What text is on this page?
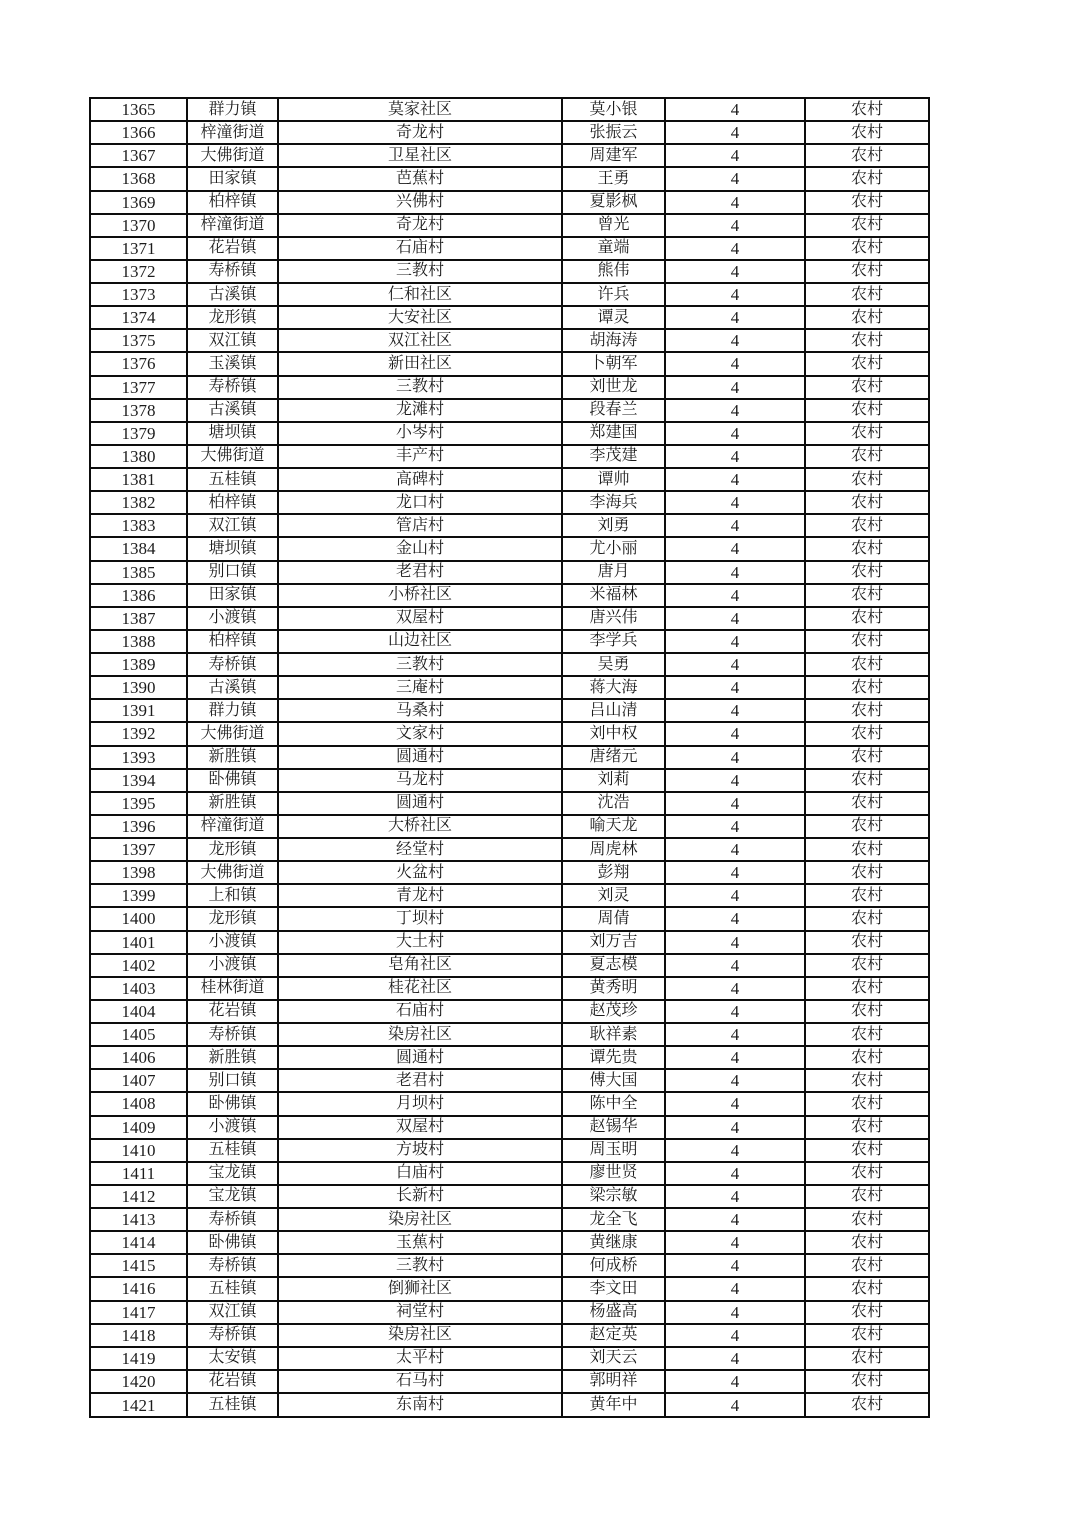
1365	群力镇	莫家社区	莫小银	4	农村
1366	梓潼街道	奇龙村	张振云	4	农村
1367	大佛街道	卫星社区	周建军	4	农村
1368	田家镇	芭蕉村	王勇	4	农村
1369	柏梓镇	兴佛村	夏影枫	4	农村
1370	梓潼街道	奇龙村	曾光	4	农村
1371	花岩镇	石庙村	童端	4	农村
1372	寿桥镇	三教村	熊伟	4	农村
1373	古溪镇	仁和社区	许兵	4	农村
1374	龙形镇	大安社区	谭灵	4	农村
1375	双江镇	双江社区	胡海涛	4	农村
1376	玉溪镇	新田社区	卜朝军	4	农村
1377	寿桥镇	三教村	刘世龙	4	农村
1378	古溪镇	龙滩村	段春兰	4	农村
1379	塘坝镇	小岑村	郑建国	4	农村
1380	大佛街道	丰产村	李茂建	4	农村
1381	五桂镇	高碑村	谭帅	4	农村
1382	柏梓镇	龙口村	李海兵	4	农村
1383	双江镇	管店村	刘勇	4	农村
1384	塘坝镇	金山村	尤小丽	4	农村
1385	别口镇	老君村	唐月	4	农村
1386	田家镇	小桥社区	米福林	4	农村
1387	小渡镇	双屋村	唐兴伟	4	农村
1388	柏梓镇	山边社区	李学兵	4	农村
1389	寿桥镇	三教村	吴勇	4	农村
1390	古溪镇	三庵村	蒋大海	4	农村
1391	群力镇	马桑村	吕山清	4	农村
1392	大佛街道	文家村	刘中权	4	农村
1393	新胜镇	圆通村	唐绪元	4	农村
1394	卧佛镇	马龙村	刘莉	4	农村
1395	新胜镇	圆通村	沈浩	4	农村
1396	梓潼街道	大桥社区	喻天龙	4	农村
1397	龙形镇	经堂村	周虎林	4	农村
1398	大佛街道	火盆村	彭翔	4	农村
1399	上和镇	青龙村	刘灵	4	农村
1400	龙形镇	丁坝村	周倩	4	农村
1401	小渡镇	大土村	刘万吉	4	农村
1402	小渡镇	皂角社区	夏志模	4	农村
1403	桂林街道	桂花社区	黄秀明	4	农村
1404	花岩镇	石庙村	赵茂珍	4	农村
1405	寿桥镇	染房社区	耿祥素	4	农村
1406	新胜镇	圆通村	谭先贵	4	农村
1407	别口镇	老君村	傅大国	4	农村
1408	卧佛镇	月坝村	陈中全	4	农村
1409	小渡镇	双屋村	赵锡华	4	农村
1410	五桂镇	方坡村	周玉明	4	农村
1411	宝龙镇	白庙村	廖世贤	4	农村
1412	宝龙镇	长新村	梁宗敏	4	农村
1413	寿桥镇	染房社区	龙全飞	4	农村
1414	卧佛镇	玉蕉村	黄继康	4	农村
1415	寿桥镇	三教村	何成桥	4	农村
1416	五桂镇	倒狮社区	李文田	4	农村
1417	双江镇	祠堂村	杨盛高	4	农村
1418	寿桥镇	染房社区	赵定英	4	农村
1419	太安镇	太平村	刘天云	4	农村
1420	花岩镇	石马村	郭明祥	4	农村
1421	五桂镇	东南村	黄年中	4	农村
